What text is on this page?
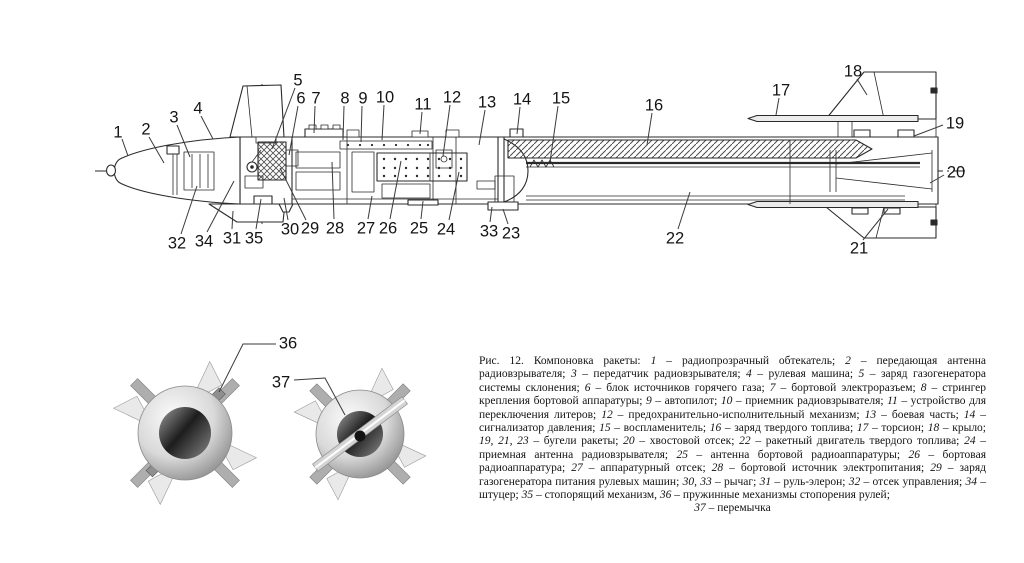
1 2
3 4
5
6 7 8 9 10 11 12 13 14 15	16
17
18
19
20
21
22
23
24
25
26
27
28
29
30
31
32
33
34 35
36
37

Рис. 12. Компоновка ракеты: 1 – радиопрозрачный обтекатель; 2 – передающая антенна радиовзрывателя; 3 – передатчик радиовзрывателя; 4 – рулевая машина; 5 – заряд газогенератора системы склонения; 6 – блок источников горячего газа; 7 – бортовой электроразъем; 8 – стрингер крепления бортовой аппаратуры; 9 – автопилот; 10 – приемник радиовзрывателя; 11 – устройство для переключения литеров; 12 – предохранительно-исполнительный механизм; 13 – боевая часть; 14 – сигнализатор давления; 15 – воспламенитель; 16 – заряд твердого топлива; 17 – торсион; 18 – крыло; 19, 21, 23 – бугели ракеты; 20 – хвостовой отсек; 22 – ракетный двигатель твердого топлива; 24 – приемная антенна радиовзрывателя; 25 – антенна бортовой радиоаппаратуры; 26 – бортовая радиоаппаратура; 27 – аппаратурный отсек; 28 – бортовой источник электропитания; 29 – заряд газогенератора питания рулевых машин; 30, 33 – рычаг; 31 – руль-элерон; 32 – отсек управления; 34 – штуцер; 35 – стопорящий механизм, 36 – пружинные механизмы стопорения рулей;

37 – перемычка
